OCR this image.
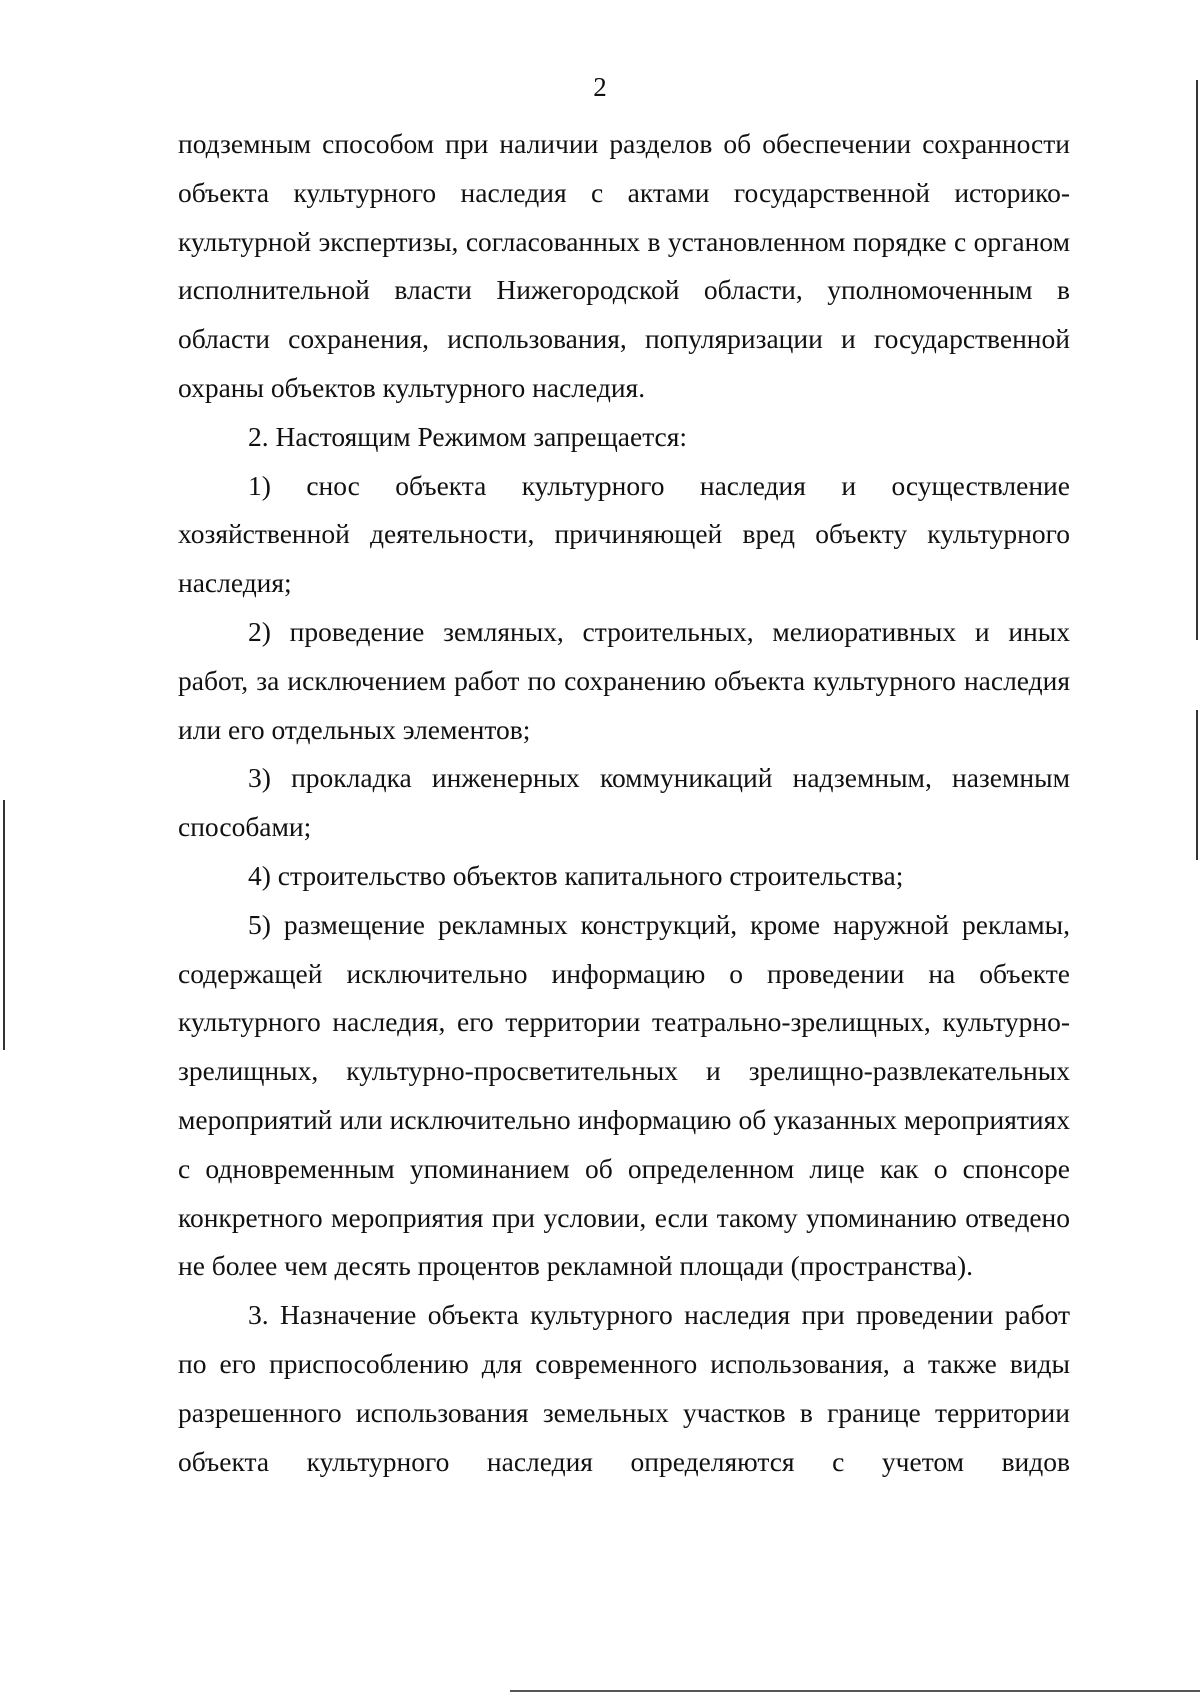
2

подземным способом при наличии разделов об обеспечении сохранности объекта культурного наследия с актами государственной историко-культурной экспертизы, согласованных в установленном порядке с органом исполнительной власти Нижегородской области, уполномоченным в области сохранения, использования, популяризации и государственной охраны объектов культурного наследия.

2. Настоящим Режимом запрещается:

1) снос объекта культурного наследия и осуществление хозяйственной деятельности, причиняющей вред объекту культурного наследия;

2) проведение земляных, строительных, мелиоративных и иных работ, за исключением работ по сохранению объекта культурного наследия или его отдельных элементов;

3) прокладка инженерных коммуникаций надземным, наземным способами;

4) строительство объектов капитального строительства;

5) размещение рекламных конструкций, кроме наружной рекламы, содержащей исключительно информацию о проведении на объекте культурного наследия, его территории театрально-зрелищных, культурно-зрелищных, культурно-просветительных и зрелищно-развлекательных мероприятий или исключительно информацию об указанных мероприятиях с одновременным упоминанием об определенном лице как о спонсоре конкретного мероприятия при условии, если такому упоминанию отведено не более чем десять процентов рекламной площади (пространства).

3. Назначение объекта культурного наследия при проведении работ по его приспособлению для современного использования, а также виды разрешенного использования земельных участков в границе территории объекта культурного наследия определяются с учетом видов
